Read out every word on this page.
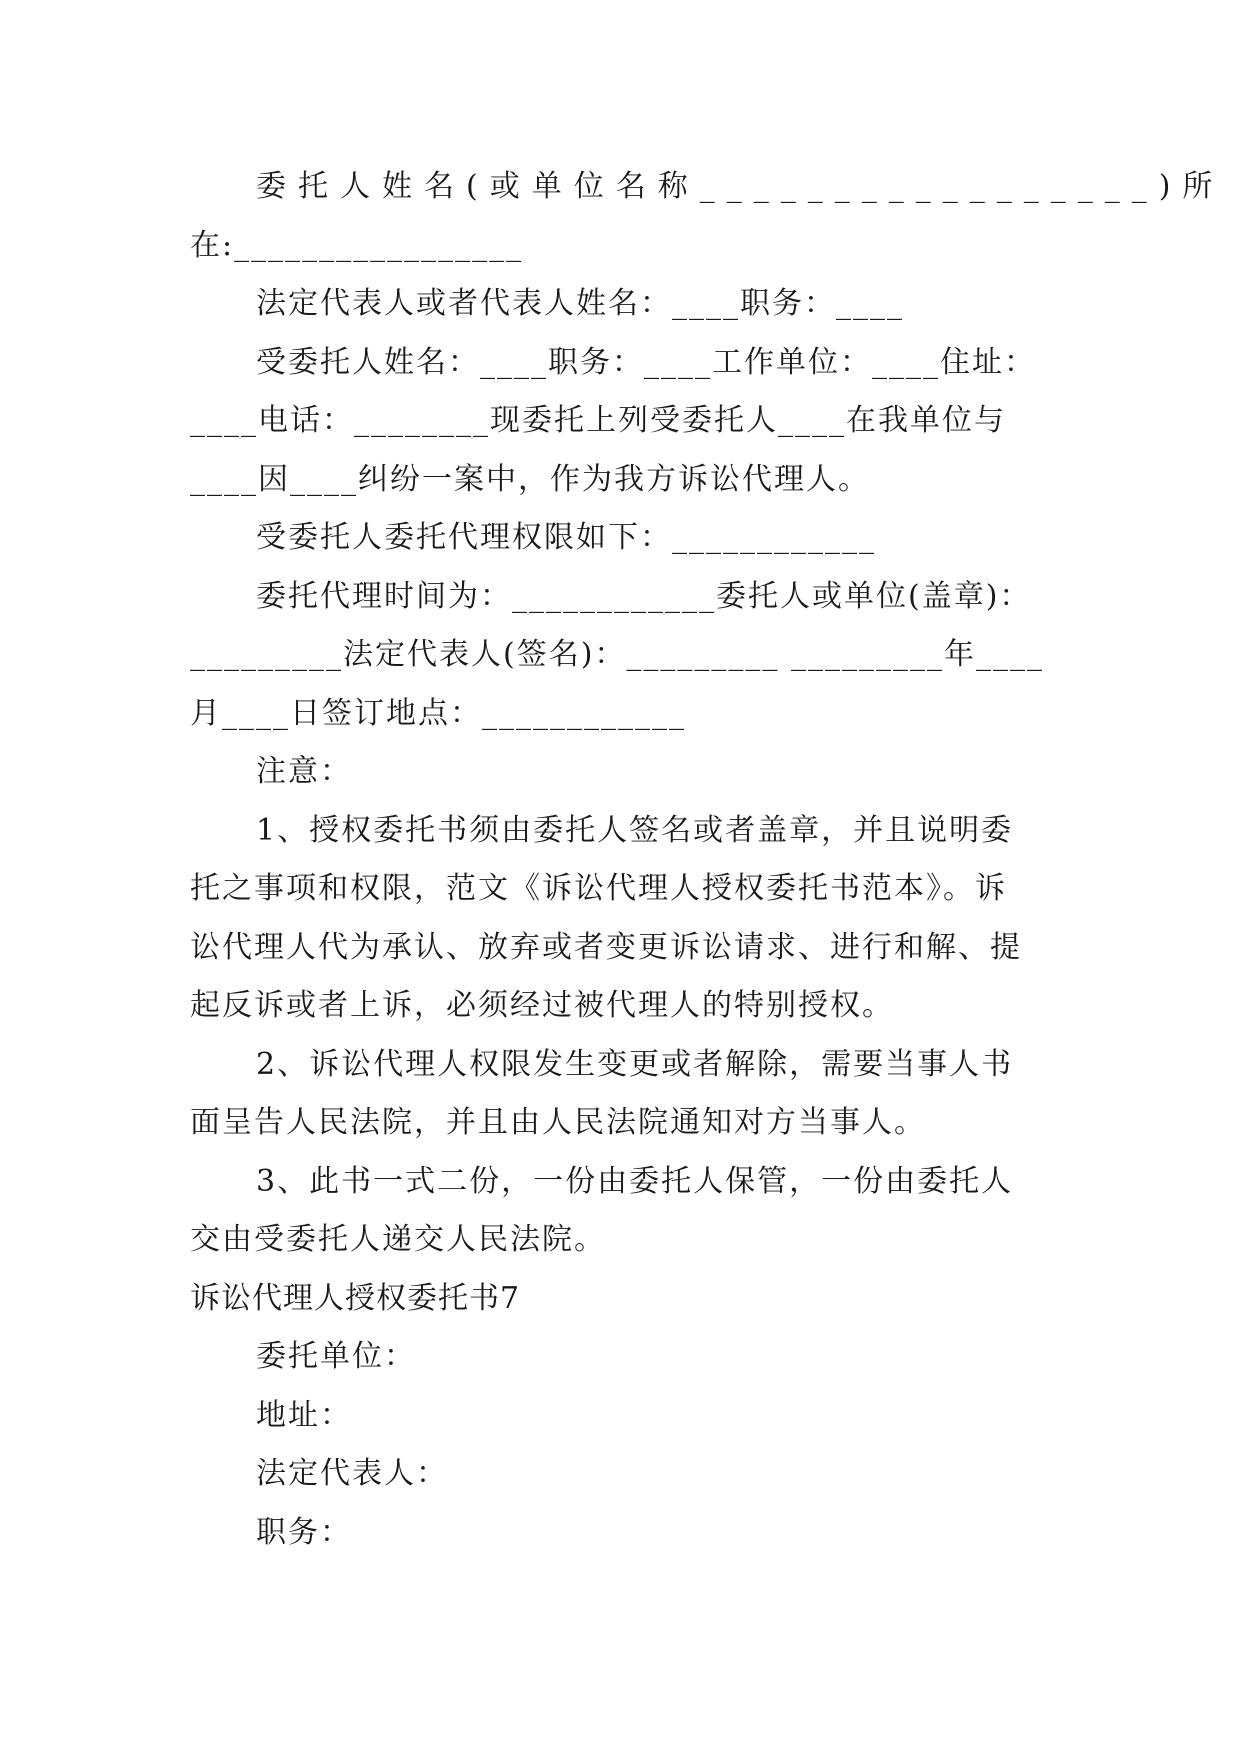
委托人姓名(或单位名称_________________)所
在:_________________
法定代表人或者代表人姓名：____职务：____
受委托人姓名：____职务：____工作单位：____住址：
____电话：________现委托上列受委托人____在我单位与
____因____纠纷一案中，作为我方诉讼代理人。
受委托人委托代理权限如下：____________
委托代理时间为：____________委托人或单位(盖章)：
_________法定代表人(签名)：_________ _________年____
月____日签订地点：____________
注意：
1、授权委托书须由委托人签名或者盖章，并且说明委
托之事项和权限，范文《诉讼代理人授权委托书范本》。诉
讼代理人代为承认、放弃或者变更诉讼请求、进行和解、提
起反诉或者上诉，必须经过被代理人的特别授权。
2、诉讼代理人权限发生变更或者解除，需要当事人书
面呈告人民法院，并且由人民法院通知对方当事人。
3、此书一式二份，一份由委托人保管，一份由委托人
交由受委托人递交人民法院。
诉讼代理人授权委托书7
委托单位：
地址：
法定代表人：
职务：
